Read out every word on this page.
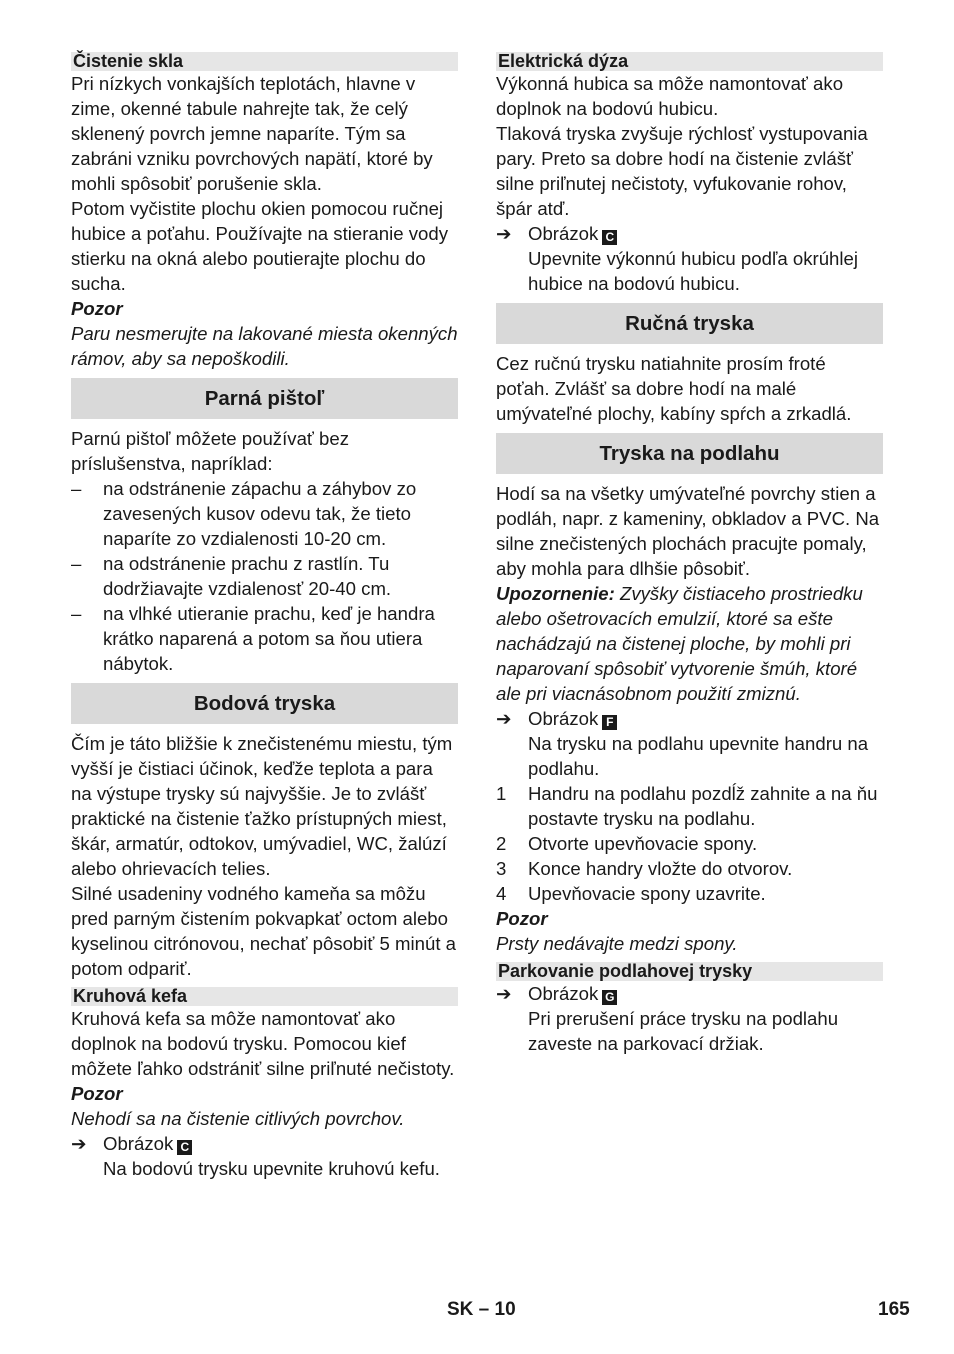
Čistenie skla

Pri nízkych vonkajších teplotách, hlavne v zime, okenné tabule nahrejte tak, že celý sklenený povrch jemne naparíte. Tým sa zabráni vzniku povrchových napätí, ktoré by mohli spôsobiť porušenie skla.

Potom vyčistite plochu okien pomocou ručnej hubice a poťahu. Používajte na stieranie vody stierku na okná alebo poutierajte plochu do sucha.

Pozor
Paru nesmerujte na lakované miesta okenných rámov, aby sa nepoškodili.
Parná pištoľ

Parnú pištoľ môžete používať bez príslušenstva, napríklad:

–	na odstránenie zápachu a záhybov zo zavesených kusov odevu tak, že tieto naparíte zo vzdialenosti 10-20 cm.
–	na odstránenie prachu z rastlín. Tu dodržiavajte vzdialenosť 20-40 cm.
–	na vlhké utieranie prachu, keď je handra krátko naparená a potom sa ňou utiera nábytok.
Bodová tryska

Čím je táto bližšie k znečistenému miestu, tým vyšší je čistiaci účinok, keďže teplota a para na výstupe trysky sú najvyššie. Je to zvlášť praktické na čistenie ťažko prístupných miest, škár, armatúr, odtokov, umývadiel, WC, žalúzí alebo ohrievacích telies.

Silné usadeniny vodného kameňa sa môžu pred parným čistením pokvapkať octom alebo kyselinou citrónovou, nechať pôsobiť 5 minút a potom odpariť.

Kruhová kefa

Kruhová kefa sa môže namontovať ako doplnok na bodovú trysku. Pomocou kief môžete ľahko odstrániť silne priľnuté nečistoty.

Pozor
Nehodí sa na čistenie citlivých povrchov.
➔ Obrázok C
Na bodovú trysku upevnite kruhovú kefu.
Elektrická dýza

Výkonná hubica sa môže namontovať ako doplnok na bodovú hubicu.

Tlaková tryska zvyšuje rýchlosť vystupovania pary. Preto sa dobre hodí na čistenie zvlášť silne priľnutej nečistoty, vyfukovanie rohov, špár atď.

➔ Obrázok C
Upevnite výkonnú hubicu podľa okrúhlej hubice na bodovú hubicu.
Ručná tryska

Cez ručnú trysku natiahnite prosím froté poťah. Zvlášť sa dobre hodí na malé umývateľné plochy, kabíny spŕch a zrkadlá.

Tryska na podlahu

Hodí sa na všetky umývateľné povrchy stien a podláh, napr. z kameniny, obkladov a PVC. Na silne znečistených plochách pracujte pomaly, aby mohla para dlhšie pôsobiť.

Upozornenie: Zvyšky čistiaceho prostriedku alebo ošetrovacích emulzií, ktoré sa ešte nachádzajú na čistenej ploche, by mohli pri naparovaní spôsobiť vytvorenie šmúh, ktoré ale pri viacnásobnom použití zmiznú.
➔ Obrázok F
Na trysku na podlahu upevnite handru na podlahu.
1	Handru na podlahu pozdĺž zahnite a na ňu postavte trysku na podlahu.
2	Otvorte upevňovacie spony.
3	Konce handry vložte do otvorov.
4	Upevňovacie spony uzavrite.
Pozor
Prsty nedávajte medzi spony.
Parkovanie podlahovej trysky
➔ Obrázok G
Pri prerušení práce trysku na podlahu zaveste na parkovací držiak.
SK – 10	165
